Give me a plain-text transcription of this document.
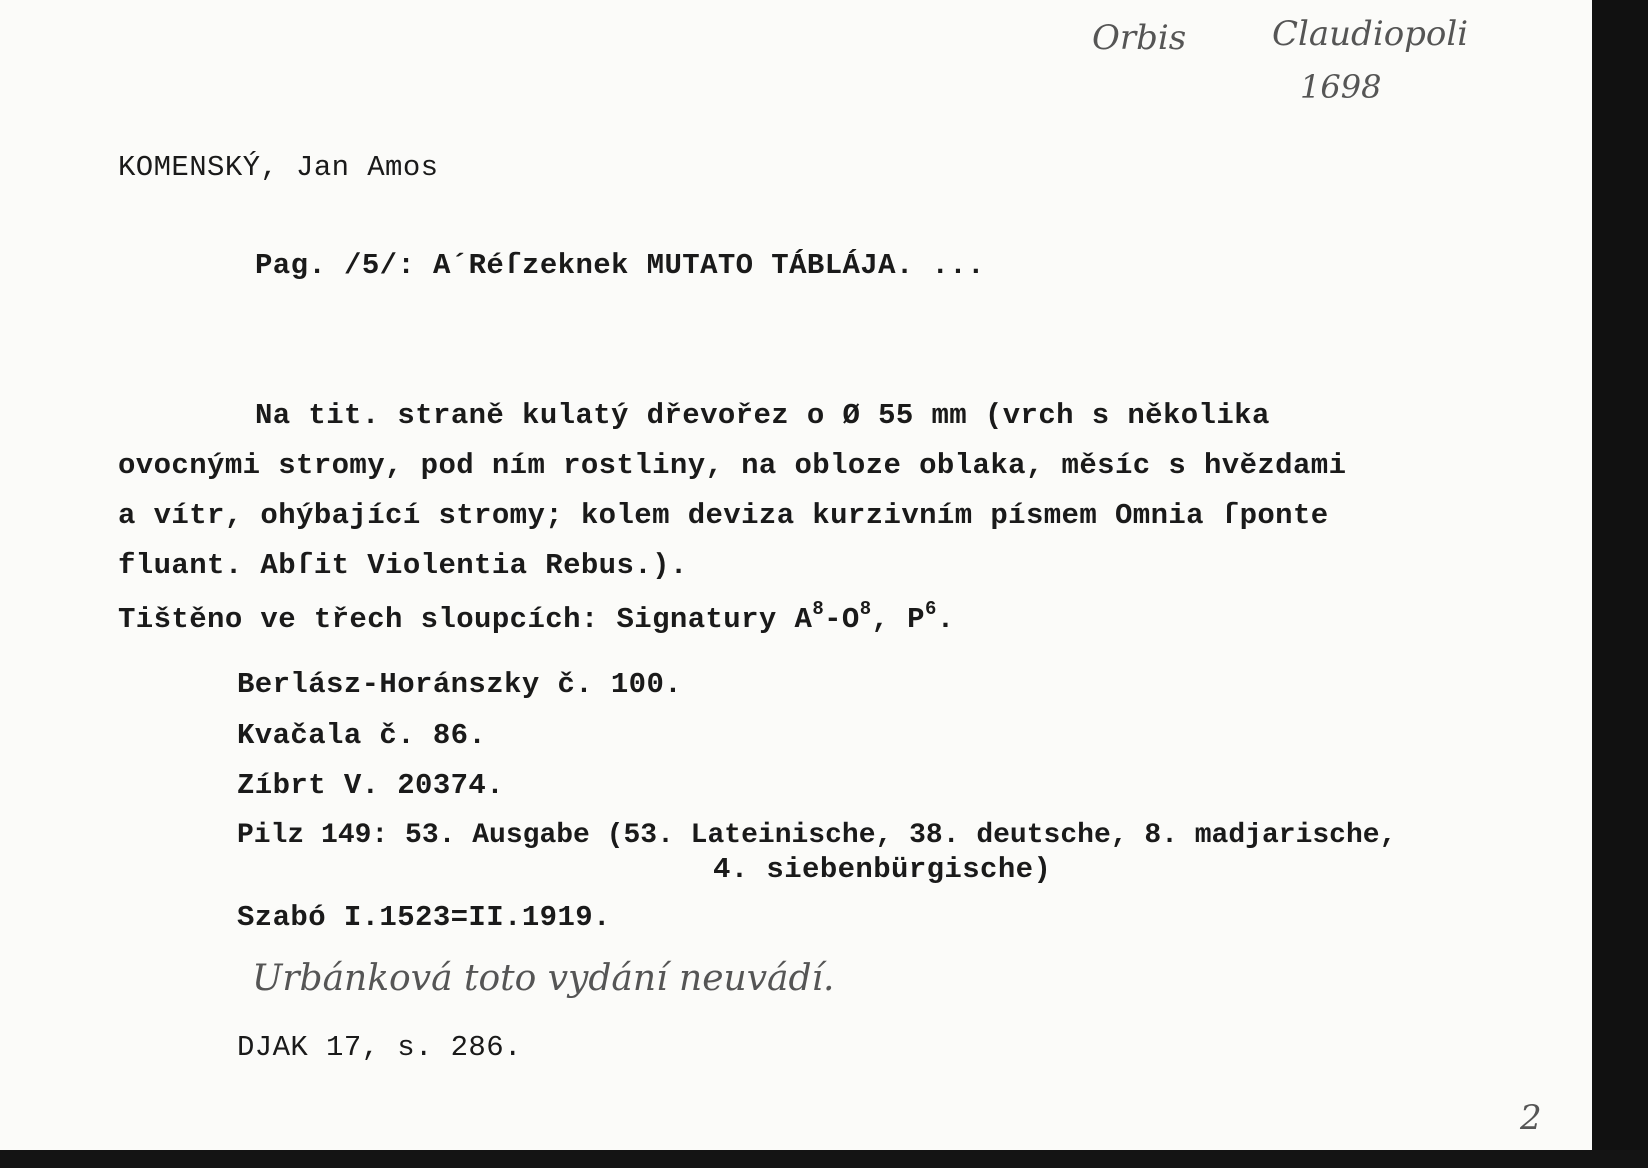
Orbis	Claudiopoli
1698
KOMENSKÝ, Jan Amos
Pag. /5/: A´Réſzeknek MUTATO TÁBLÁJA. ...
Na tit. straně kulatý dřevořez o Ø 55 mm (vrch s několika
ovocnými stromy, pod ním rostliny, na obloze oblaka, měsíc s hvězdami
a vítr, ohýbající stromy; kolem deviza kurzivním písmem Omnia ſponte
fluant. Abſit Violentia Rebus.).
Tištěno ve třech sloupcích: Signatury $A^8-O^8$, $P^6$.
Berlász-Horánszky č. 100.
Kvačala č. 86.
Zíbrt V. 20374.
Pilz 149: 53. Ausgabe (53. Lateinische, 38. deutsche, 8. madjarische,
4. siebenbürgische)
Szabó I.1523=II.1919.
Urbánková toto vydání neuvádí.
DJAK 17, s. 286.
2
